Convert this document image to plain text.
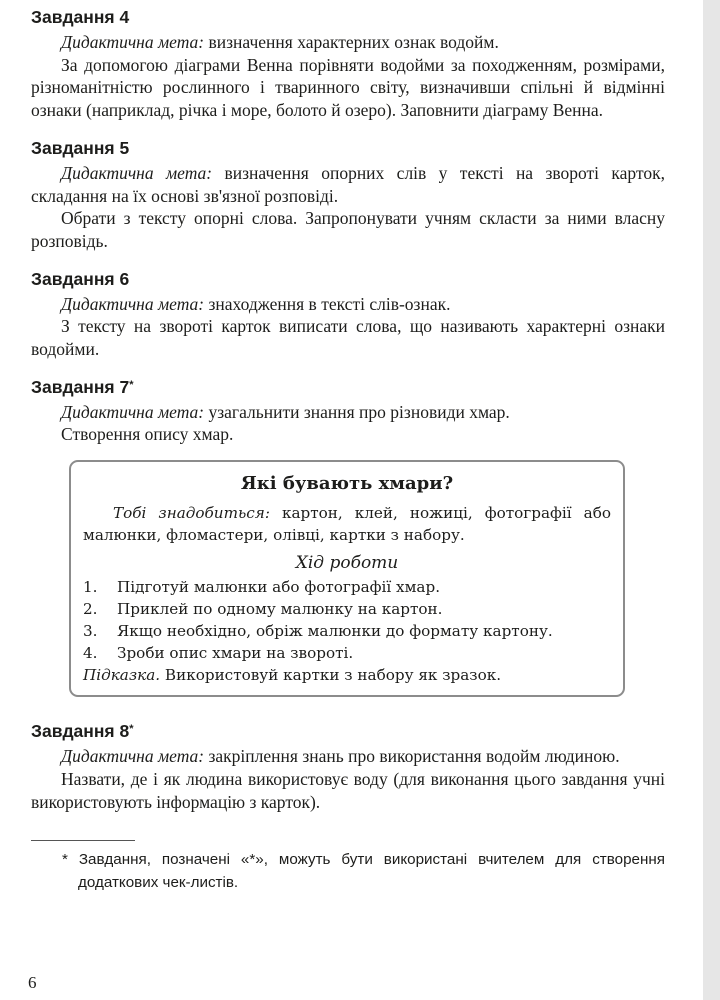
Завдання 4

Дидактична мета: визначення характерних ознак водойм.

За допомогою діаграми Венна порівняти водойми за походженням, розмірами, різноманітністю рослинного і тваринного світу, визначивши спільні й відмінні ознаки (наприклад, річка і море, болото й озеро). Заповнити діаграму Венна.

Завдання 5

Дидактична мета: визначення опорних слів у тексті на звороті карток, складання на їх основі зв'язної розповіді.

Обрати з тексту опорні слова. Запропонувати учням скласти за ними власну розповідь.

Завдання 6

Дидактична мета: знаходження в тексті слів-ознак.

З тексту на звороті карток виписати слова, що називають характерні ознаки водойми.

Завдання 7*

Дидактична мета: узагальнити знання про різновиди хмар.

Створення опису хмар.

Які бувають хмари?

Тобі знадобиться: картон, клей, ножиці, фотографії або малюнки, фломастери, олівці, картки з набору.

Хід роботи
1.	Підготуй малюнки або фотографії хмар.
2.	Приклей по одному малюнку на картон.
3.	Якщо необхідно, обріж малюнки до формату картону.
4.	Зроби опис хмари на звороті.
Підказка. Використовуй картки з набору як зразок.
Завдання 8*

Дидактична мета: закріплення знань про використання водойм людиною.

Назвати, де і як людина використовує воду (для виконання цього завдання учні використовують інформацію з карток).

* Завдання, позначені «*», можуть бути використані вчителем для створення додаткових чек-листів.
6
